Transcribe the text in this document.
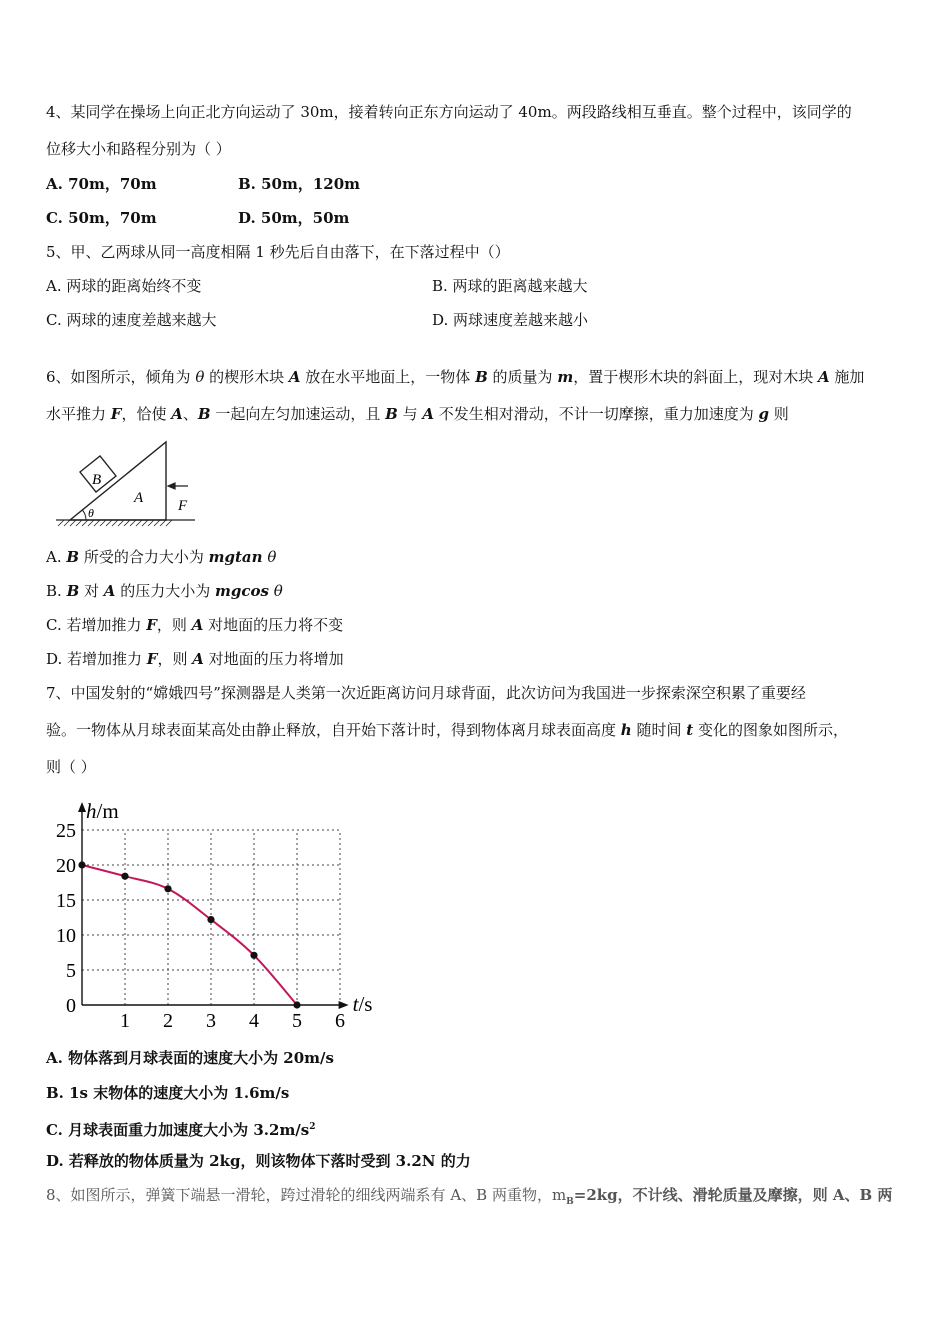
4、某同学在操场上向正北方向运动了 30m，接着转向正东方向运动了 40m。两段路线相互垂直。整个过程中，该同学的
位移大小和路程分别为（ ）
A. 70m，70m	B. 50m，120m
C. 50m，70m	D. 50m，50m
5、甲、乙两球从同一高度相隔 1 秒先后自由落下，在下落过程中（）
A. 两球的距离始终不变	B. 两球的距离越来越大
C. 两球的速度差越来越大	D. 两球速度差越来越小
6、如图所示，倾角为 θ 的楔形木块 A 放在水平地面上，一物体 B 的质量为 m，置于楔形木块的斜面上，现对木块 A 施加
水平推力 F，恰使 A、B 一起向左匀加速运动，且 B 与 A 不发生相对滑动，不计一切摩擦，重力加速度为 g 则
B
A F
θ
A. B 所受的合力大小为 mgtan θ
B. B 对 A 的压力大小为 mgcos θ
C. 若增加推力 F，则 A 对地面的压力将不变
D. 若增加推力 F，则 A 对地面的压力将增加
7、中国发射的“嫦娥四号”探测器是人类第一次近距离访问月球背面，此次访问为我国进一步探索深空积累了重要经
验。一物体从月球表面某高处由静止释放，自开始下落计时，得到物体离月球表面高度 h 随时间 t 变化的图象如图所示，
则（ ）
1 2 3 4 5 6
0
5
10
15
20
25
h/m
t/s
A. 物体落到月球表面的速度大小为 20m/s
B. 1s 末物体的速度大小为 1.6m/s
C. 月球表面重力加速度大小为 $3.2m/s^2$
D. 若释放的物体质量为 2kg，则该物体下落时受到 3.2N 的力
8、如图所示，弹簧下端悬一滑轮，跨过滑轮的细线两端系有 A、B 两重物，$m_B=2kg$，不计线、滑轮质量及摩擦，则 A、B 两
